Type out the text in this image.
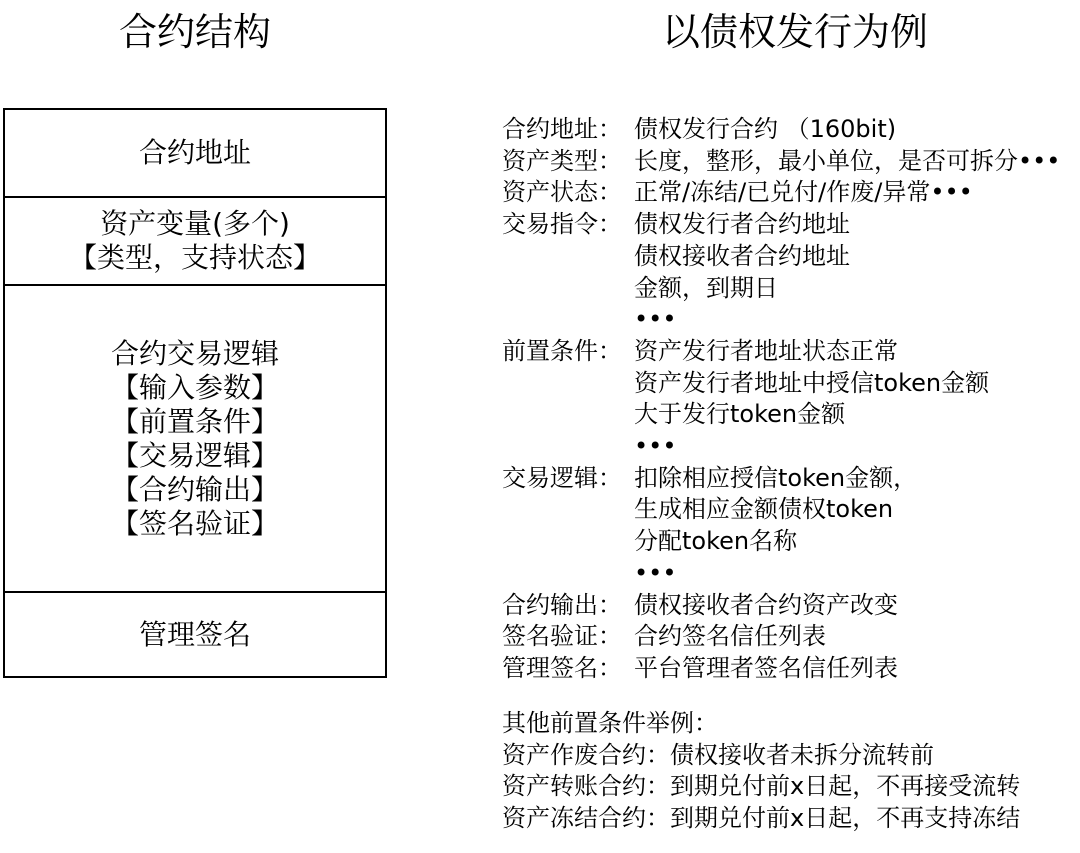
合约结构	以债权发行为例
合约地址
资产变量(多个)
【类型，支持状态】
合约交易逻辑
【输入参数】
【前置条件】
【交易逻辑】
【合约输出】
【签名验证】
管理签名
合约地址： 债权发行合约 （160bit)
资产类型： 长度，整形，最小单位，是否可拆分•••
资产状态： 正常/冻结/已兑付/作废/异常•••
交易指令： 债权发行者合约地址
债权接收者合约地址
金额，到期日
•••
前置条件： 资产发行者地址状态正常
资产发行者地址中授信token金额
大于发行token金额
•••
交易逻辑： 扣除相应授信token金额，
生成相应金额债权token
分配token名称
•••
合约输出： 债权接收者合约资产改变
签名验证： 合约签名信任列表
管理签名： 平台管理者签名信任列表
其他前置条件举例：
资产作废合约：债权接收者未拆分流转前
资产转账合约：到期兑付前x日起，不再接受流转
资产冻结合约：到期兑付前x日起，不再支持冻结
